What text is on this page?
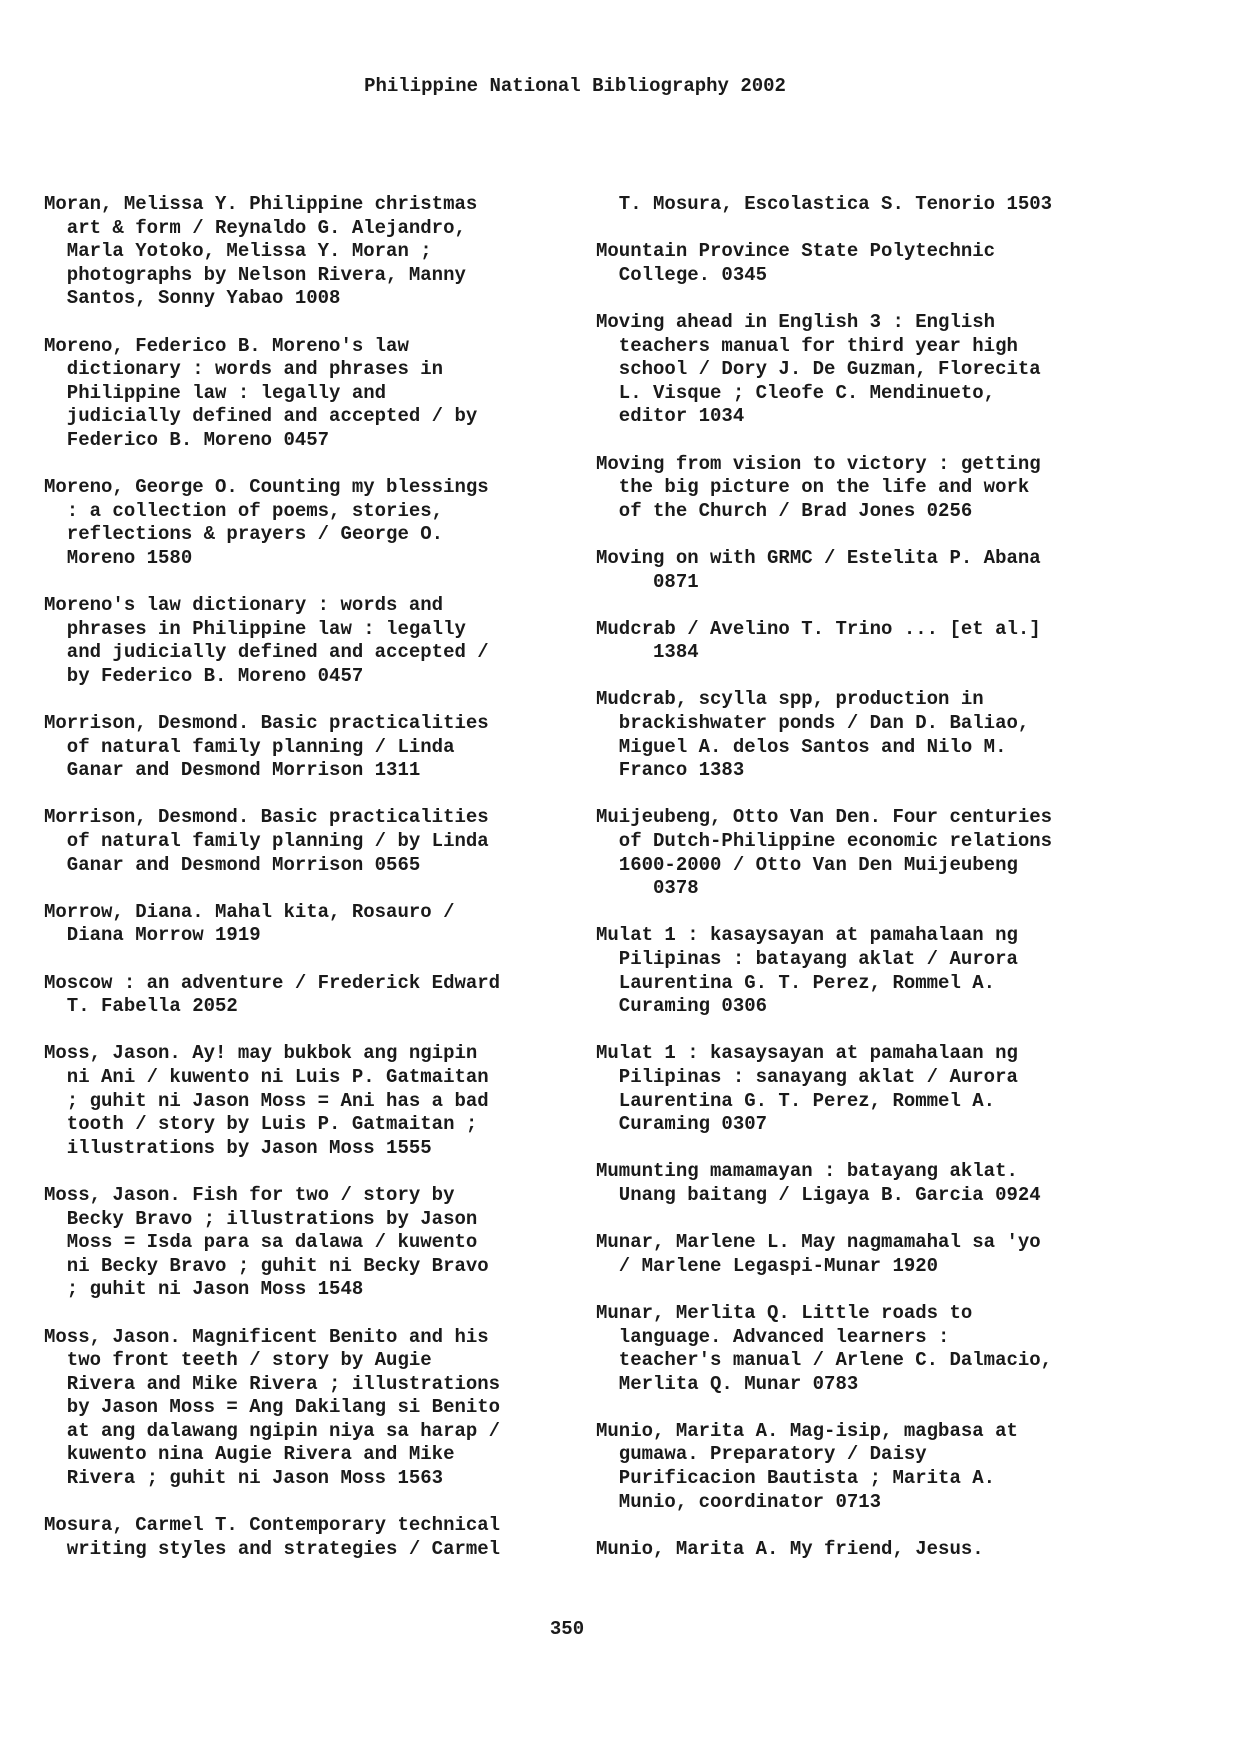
Philippine National Bibliography 2002
Moran, Melissa Y. Philippine christmas
art & form / Reynaldo G. Alejandro,
Marla Yotoko, Melissa Y. Moran ;
photographs by Nelson Rivera, Manny
Santos, Sonny Yabao 1008
Moreno, Federico B. Moreno's law
dictionary : words and phrases in
Philippine law : legally and
judicially defined and accepted / by
Federico B. Moreno 0457
Moreno, George O. Counting my blessings
: a collection of poems, stories,
reflections & prayers / George O.
Moreno 1580
Moreno's law dictionary : words and
phrases in Philippine law : legally
and judicially defined and accepted /
by Federico B. Moreno 0457
Morrison, Desmond. Basic practicalities
of natural family planning / Linda
Ganar and Desmond Morrison 1311
Morrison, Desmond. Basic practicalities
of natural family planning / by Linda
Ganar and Desmond Morrison 0565
Morrow, Diana. Mahal kita, Rosauro /
Diana Morrow 1919
Moscow : an adventure / Frederick Edward
T. Fabella 2052
Moss, Jason. Ay! may bukbok ang ngipin
ni Ani / kuwento ni Luis P. Gatmaitan
; guhit ni Jason Moss = Ani has a bad
tooth / story by Luis P. Gatmaitan ;
illustrations by Jason Moss 1555
Moss, Jason. Fish for two / story by
Becky Bravo ; illustrations by Jason
Moss = Isda para sa dalawa / kuwento
ni Becky Bravo ; guhit ni Becky Bravo
; guhit ni Jason Moss 1548
Moss, Jason. Magnificent Benito and his
two front teeth / story by Augie
Rivera and Mike Rivera ; illustrations
by Jason Moss = Ang Dakilang si Benito
at ang dalawang ngipin niya sa harap /
kuwento nina Augie Rivera and Mike
Rivera ; guhit ni Jason Moss 1563
Mosura, Carmel T. Contemporary technical
writing styles and strategies / Carmel
T. Mosura, Escolastica S. Tenorio 1503
Mountain Province State Polytechnic
College. 0345
Moving ahead in English 3 : English
teachers manual for third year high
school / Dory J. De Guzman, Florecita
L. Visque ; Cleofe C. Mendinueto,
editor 1034
Moving from vision to victory : getting
the big picture on the life and work
of the Church / Brad Jones 0256
Moving on with GRMC / Estelita P. Abana
0871
Mudcrab / Avelino T. Trino ... [et al.]
1384
Mudcrab, scylla spp, production in
brackishwater ponds / Dan D. Baliao,
Miguel A. delos Santos and Nilo M.
Franco 1383
Muijeubeng, Otto Van Den. Four centuries
of Dutch-Philippine economic relations
1600-2000 / Otto Van Den Muijeubeng
0378
Mulat 1 : kasaysayan at pamahalaan ng
Pilipinas : batayang aklat / Aurora
Laurentina G. T. Perez, Rommel A.
Curaming 0306
Mulat 1 : kasaysayan at pamahalaan ng
Pilipinas : sanayang aklat / Aurora
Laurentina G. T. Perez, Rommel A.
Curaming 0307
Mumunting mamamayan : batayang aklat.
Unang baitang / Ligaya B. Garcia 0924
Munar, Marlene L. May nagmamahal sa 'yo
/ Marlene Legaspi-Munar 1920
Munar, Merlita Q. Little roads to
language. Advanced learners :
teacher's manual / Arlene C. Dalmacio,
Merlita Q. Munar 0783
Munio, Marita A. Mag-isip, magbasa at
gumawa. Preparatory / Daisy
Purificacion Bautista ; Marita A.
Munio, coordinator 0713
Munio, Marita A. My friend, Jesus.
350
